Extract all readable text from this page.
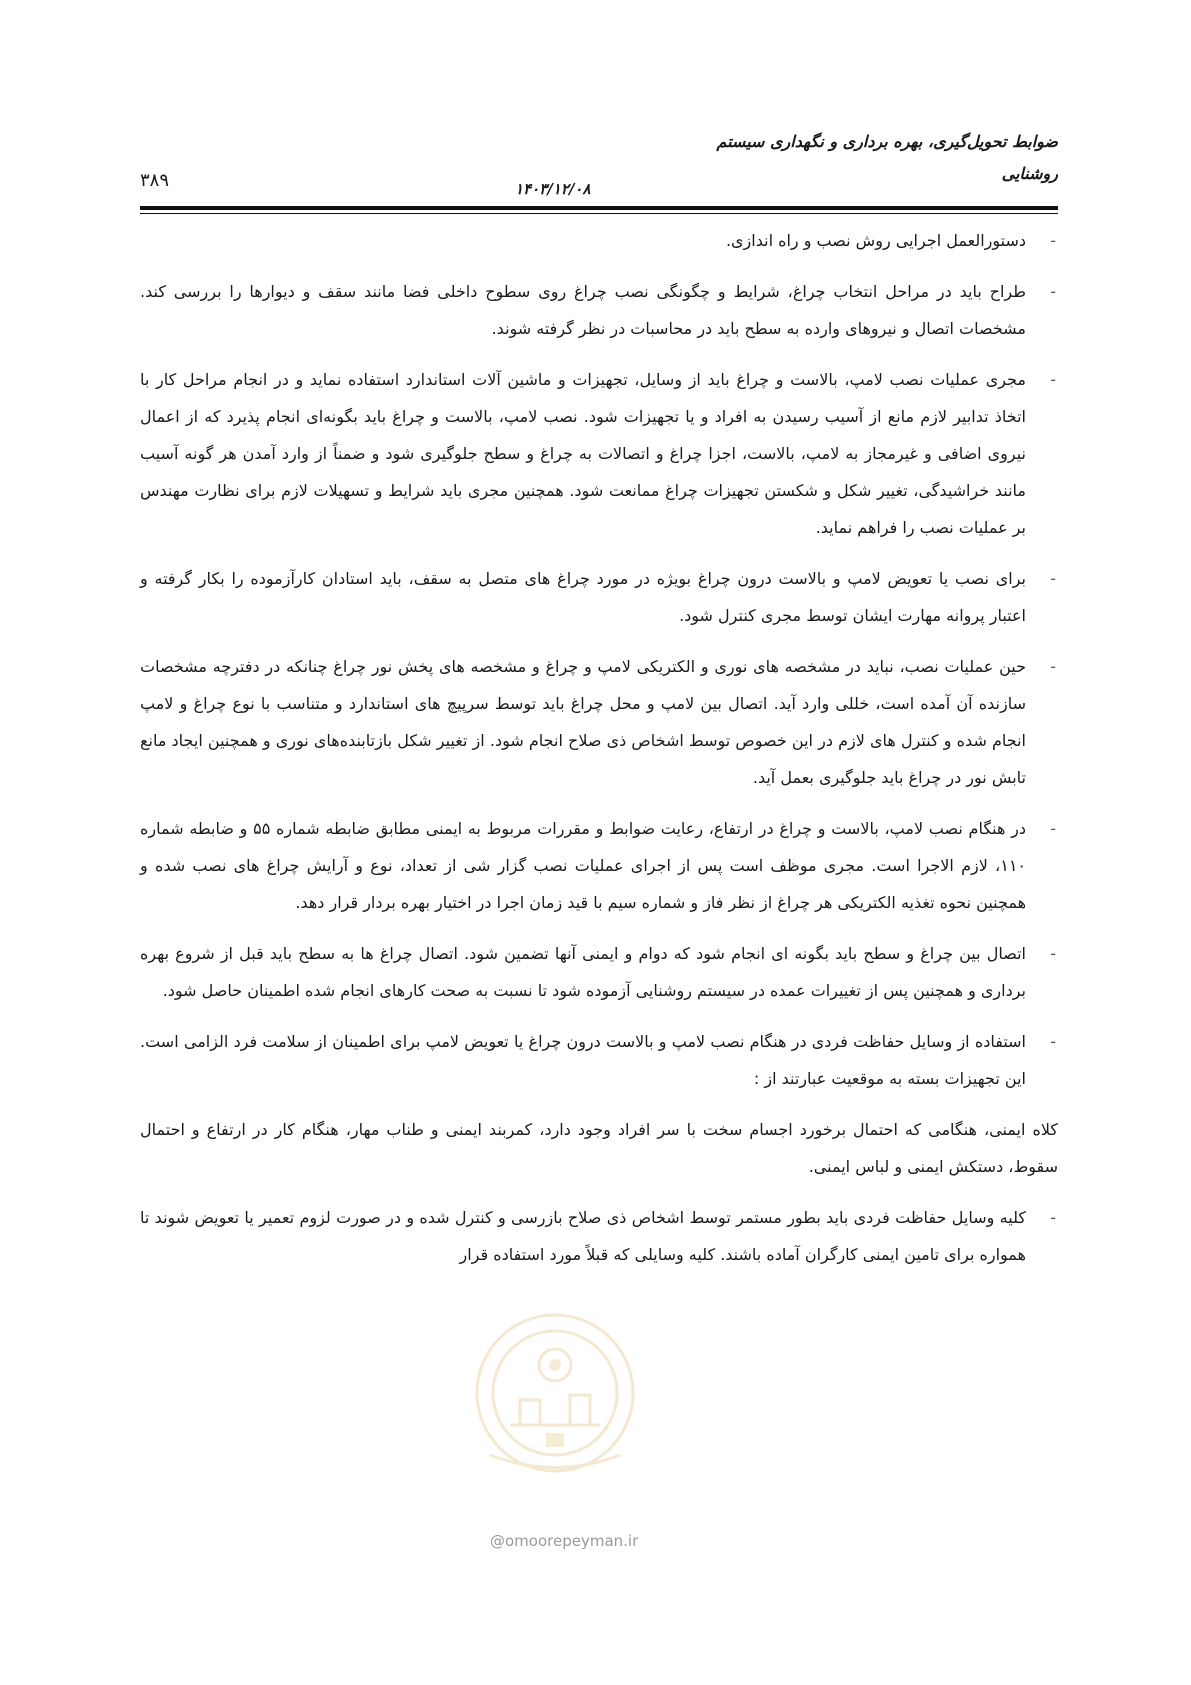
ضوابط تحویل‌گیری، بهره برداری و نگهداری سیستم
روشنایی
۱۴۰۳/۱۲/۰۸
۳۸۹
-
دستورالعمل اجرایی روش نصب و راه اندازی.
-
طراح باید در مراحل انتخاب چراغ، شرایط و چگونگی نصب چراغ روی سطوح داخلی فضا مانند سقف و دیوارها را بررسی کند. مشخصات اتصال و نیروهای وارده به سطح باید در محاسبات در نظر گرفته شوند.
-
مجری عملیات نصب لامپ، بالاست و چراغ باید از وسایل، تجهیزات و ماشین آلات استاندارد استفاده نماید و در انجام مراحل کار با اتخاذ تدابیر لازم مانع از آسیب رسیدن به افراد و یا تجهیزات شود. نصب لامپ، بالاست و چراغ باید بگونه‌ای انجام پذیرد که از اعمال نیروی اضافی و غیرمجاز به لامپ، بالاست، اجزا چراغ و اتصالات به چراغ و سطح جلوگیری شود و ضمناً از وارد آمدن هر گونه آسیب مانند خراشیدگی، تغییر شکل و شکستن تجهیزات چراغ ممانعت شود. همچنین مجری باید شرایط و تسهیلات لازم برای نظارت مهندس بر عملیات نصب را فراهم نماید.
-
برای نصب یا تعویض لامپ و بالاست درون چراغ بویژه در مورد چراغ های متصل به سقف، باید استادان کارآزموده را بکار گرفته و اعتبار پروانه مهارت ایشان توسط مجری کنترل شود.
-
حین عملیات نصب، نباید در مشخصه های نوری و الکتریکی لامپ و چراغ و مشخصه های پخش نور چراغ چنانکه در دفترچه مشخصات سازنده آن آمده است، خللی وارد آید. اتصال بین لامپ و محل چراغ باید توسط سرپیچ های استاندارد و متناسب با نوع چراغ و لامپ انجام شده و کنترل های لازم در این خصوص توسط اشخاص ذی صلاح انجام شود. از تغییر شکل بازتابنده‌های نوری و همچنین ایجاد مانع تابش نور در چراغ باید جلوگیری بعمل آید.
-
در هنگام نصب لامپ، بالاست و چراغ در ارتفاع، رعایت ضوابط و مقررات مربوط به ایمنی مطابق ضابطه شماره ۵۵ و ضابطه شماره ۱۱۰، لازم الاجرا است. مجری موظف است پس از اجرای عملیات نصب گزار شی از تعداد، نوع و آرایش چراغ های نصب شده و همچنین نحوه تغذیه الکتریکی هر چراغ از نظر فاز و شماره سیم با قید زمان اجرا در اختیار بهره بردار قرار دهد.
-
اتصال بین چراغ و سطح باید بگونه ای انجام شود که دوام و ایمنی آنها تضمین شود. اتصال چراغ ها به سطح باید قبل از شروع بهره برداری و همچنین پس از تغییرات عمده در سیستم روشنایی آزموده شود تا نسبت به صحت کارهای انجام شده اطمینان حاصل شود.
-
استفاده از وسایل حفاظت فردی در هنگام نصب لامپ و بالاست درون چراغ یا تعویض لامپ برای اطمینان از سلامت فرد الزامی است. این تجهیزات بسته به موقعیت عبارتند از :
کلاه ایمنی، هنگامی که احتمال برخورد اجسام سخت با سر افراد وجود دارد، کمربند ایمنی و طناب مهار، هنگام کار در ارتفاع و احتمال سقوط، دستکش ایمنی و لباس ایمنی.
-
کلیه وسایل حفاظت فردی باید بطور مستمر توسط اشخاص ذی صلاح بازرسی و کنترل شده و در صورت لزوم تعمیر یا تعویض شوند تا همواره برای تامین ایمنی کارگران آماده باشند. کلیه وسایلی که قبلاً مورد استفاده قرار
@omoorepeyman.ir
